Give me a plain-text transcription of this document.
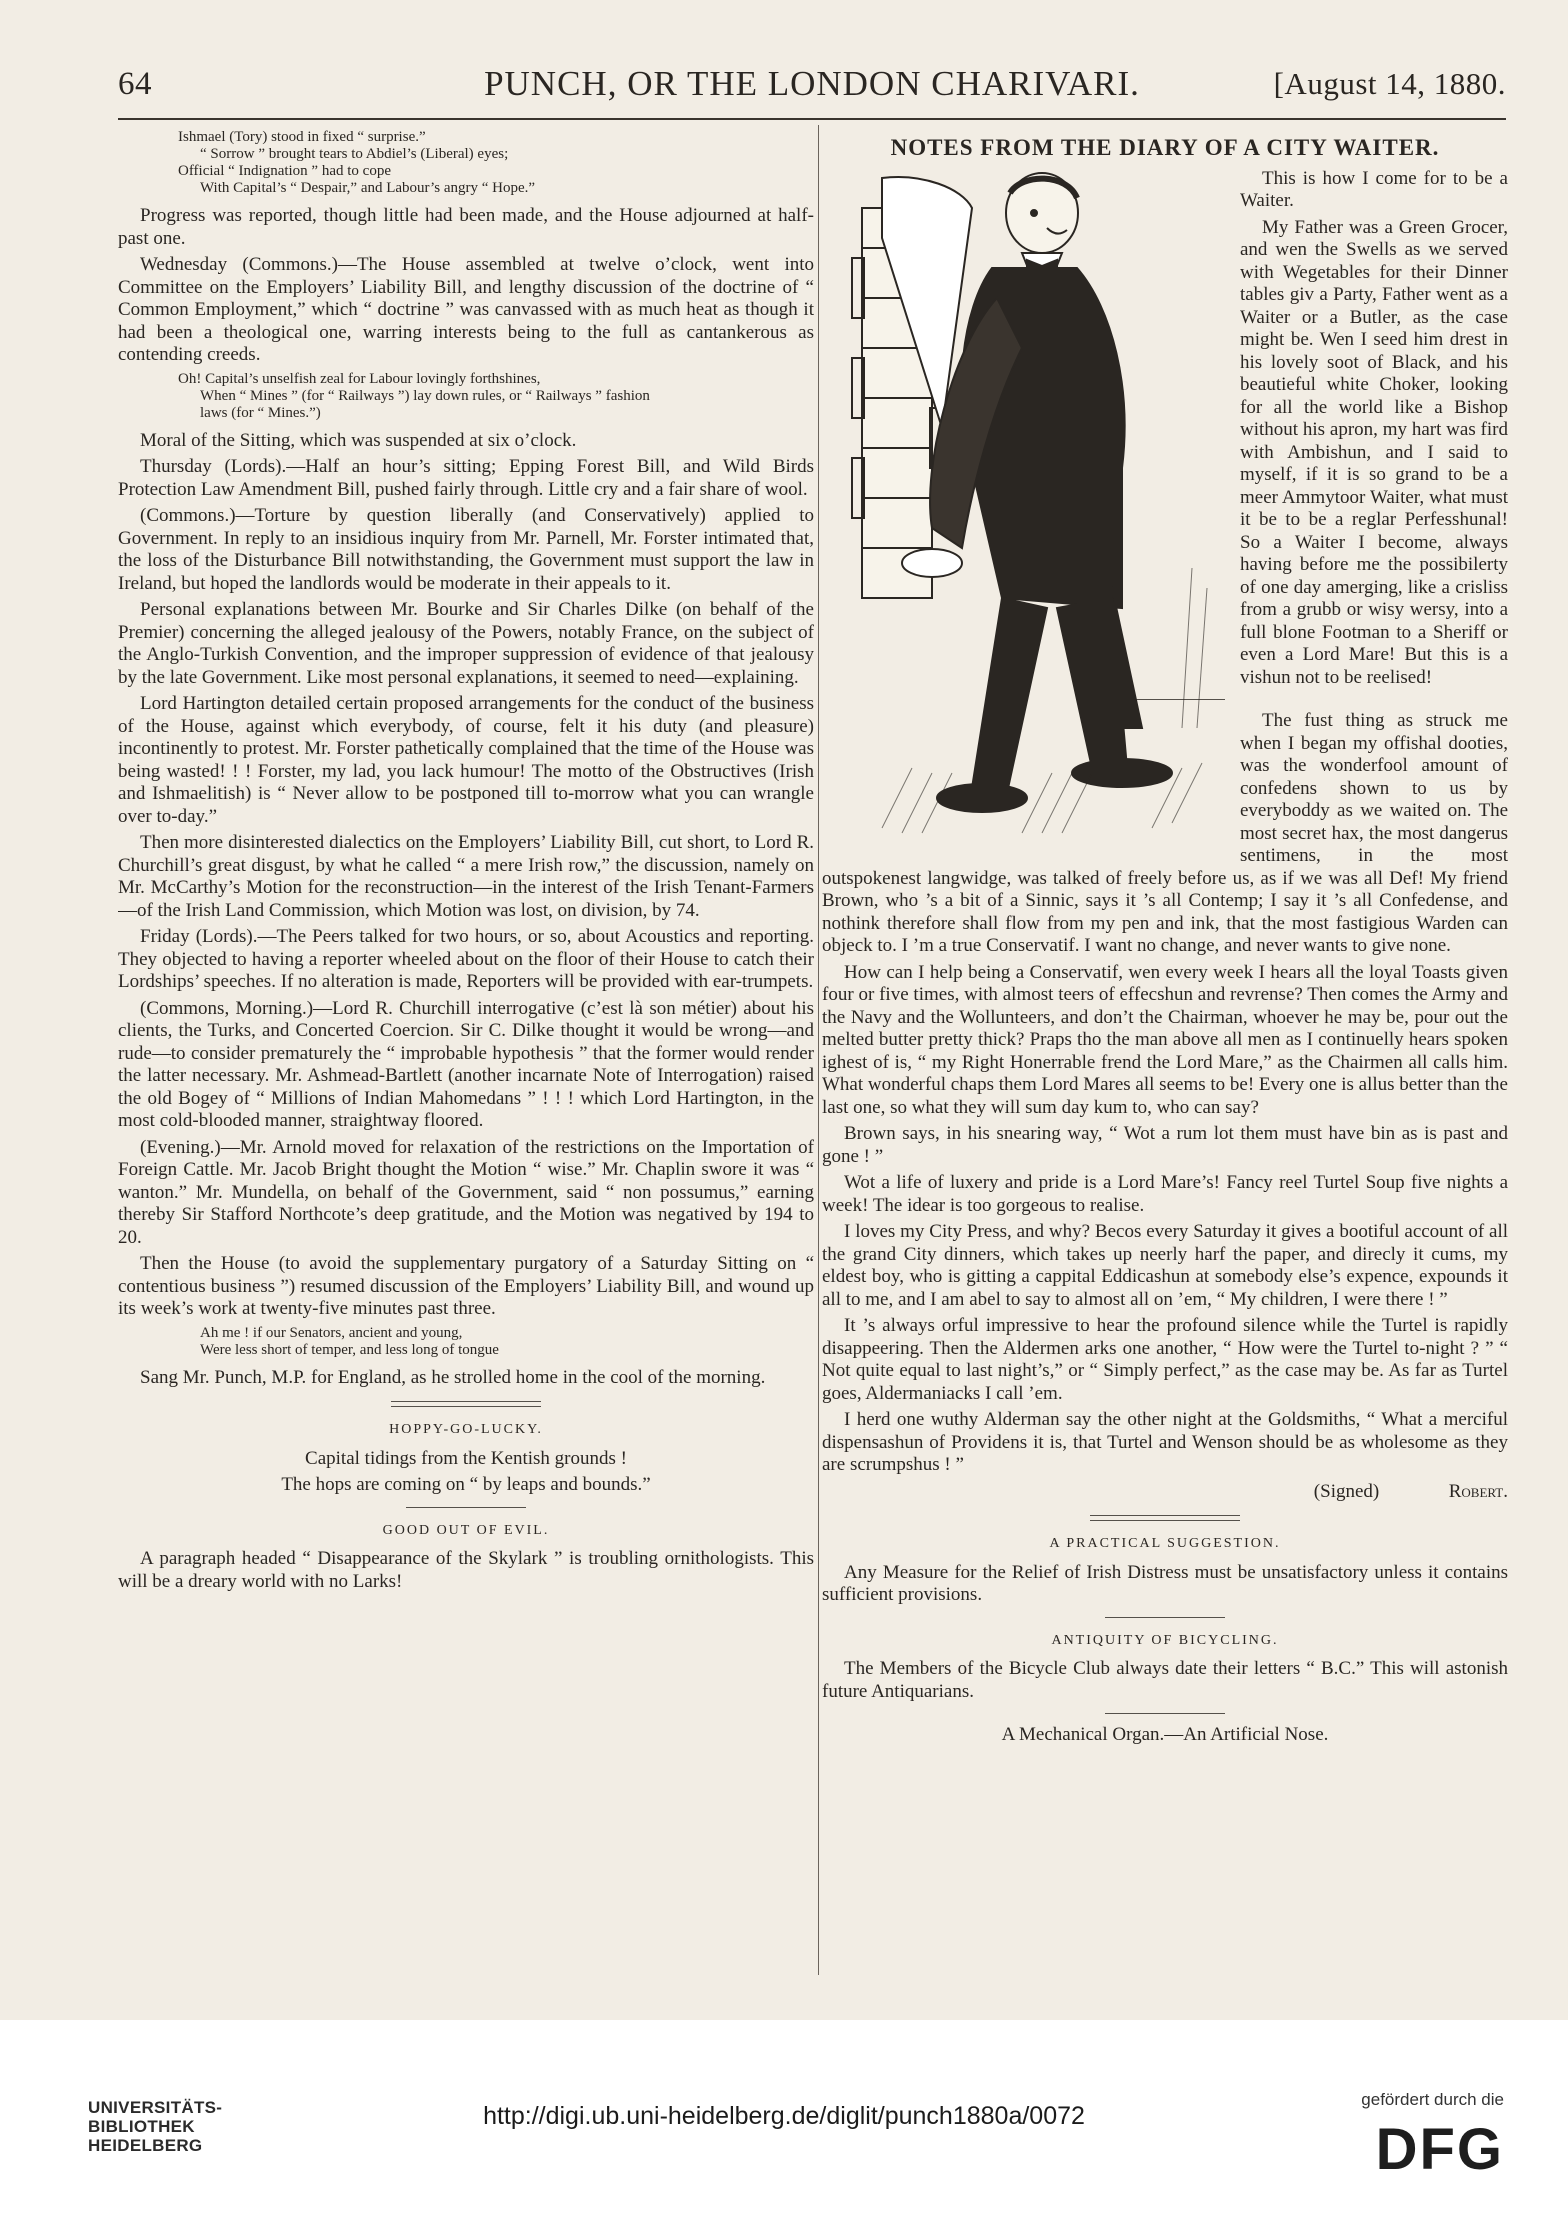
64	PUNCH, OR THE LONDON CHARIVARI.	[August 14, 1880.
Ishmael (Tory) stood in fixed “ surprise.”
“ Sorrow ” brought tears to Abdiel’s (Liberal) eyes;
Official “ Indignation ” had to cope
With Capital’s “ Despair,” and Labour’s angry “ Hope.”

Progress was reported, though little had been made, and the House adjourned at half-past one.

Wednesday (Commons.)—The House assembled at twelve o’clock, went into Committee on the Employers’ Liability Bill, and lengthy discussion of the doctrine of “ Common Employment,” which “ doctrine ” was canvassed with as much heat as though it had been a theological one, warring interests being to the full as cantankerous as contending creeds.

Oh! Capital’s unselfish zeal for Labour lovingly forthshines,
When “ Mines ” (for “ Railways ”) lay down rules, or “ Railways ” fashion
laws (for “ Mines.”)

Moral of the Sitting, which was suspended at six o’clock.

Thursday (Lords).—Half an hour’s sitting; Epping Forest Bill, and Wild Birds Protection Law Amendment Bill, pushed fairly through. Little cry and a fair share of wool.

(Commons.)—Torture by question liberally (and Conservatively) applied to Government. In reply to an insidious inquiry from Mr. Parnell, Mr. Forster intimated that, the loss of the Disturbance Bill notwithstanding, the Government must support the law in Ireland, but hoped the landlords would be moderate in their appeals to it.

Personal explanations between Mr. Bourke and Sir Charles Dilke (on behalf of the Premier) concerning the alleged jealousy of the Powers, notably France, on the subject of the Anglo-Turkish Convention, and the improper suppression of evidence of that jealousy by the late Government. Like most personal explanations, it seemed to need—explaining.

Lord Hartington detailed certain proposed arrangements for the conduct of the business of the House, against which everybody, of course, felt it his duty (and pleasure) incontinently to protest. Mr. Forster pathetically complained that the time of the House was being wasted! ! ! Forster, my lad, you lack humour! The motto of the Obstructives (Irish and Ishmaelitish) is “ Never allow to be postponed till to-morrow what you can wrangle over to-day.”

Then more disinterested dialectics on the Employers’ Liability Bill, cut short, to Lord R. Churchill’s great disgust, by what he called “ a mere Irish row,” the discussion, namely on Mr. McCarthy’s Motion for the reconstruction—in the interest of the Irish Tenant-Farmers—of the Irish Land Commission, which Motion was lost, on division, by 74.

Friday (Lords).—The Peers talked for two hours, or so, about Acoustics and reporting. They objected to having a reporter wheeled about on the floor of their House to catch their Lordships’ speeches. If no alteration is made, Reporters will be provided with ear-trumpets.

(Commons, Morning.)—Lord R. Churchill interrogative (c’est là son métier) about his clients, the Turks, and Concerted Coercion. Sir C. Dilke thought it would be wrong—and rude—to consider prematurely the “ improbable hypothesis ” that the former would render the latter necessary. Mr. Ashmead-Bartlett (another incarnate Note of Interrogation) raised the old Bogey of “ Millions of Indian Mahomedans ” ! ! ! which Lord Hartington, in the most cold-blooded manner, straightway floored.

(Evening.)—Mr. Arnold moved for relaxation of the restrictions on the Importation of Foreign Cattle. Mr. Jacob Bright thought the Motion “ wise.” Mr. Chaplin swore it was “ wanton.” Mr. Mundella, on behalf of the Government, said “ non possumus,” earning thereby Sir Stafford Northcote’s deep gratitude, and the Motion was negatived by 194 to 20.

Then the House (to avoid the supplementary purgatory of a Saturday Sitting on “ contentious business ”) resumed discussion of the Employers’ Liability Bill, and wound up its week’s work at twenty-five minutes past three.

Ah me ! if our Senators, ancient and young,
Were less short of temper, and less long of tongue

Sang Mr. Punch, M.P. for England, as he strolled home in the cool of the morning.

HOPPY-GO-LUCKY.

Capital tidings from the Kentish grounds !

The hops are coming on “ by leaps and bounds.”

GOOD OUT OF EVIL.

A paragraph headed “ Disappearance of the Skylark ” is troubling ornithologists. This will be a dreary world with no Larks!

NOTES FROM THE DIARY OF A CITY WAITER.

This is how I come for to be a Waiter.

My Father was a Green Grocer, and wen the Swells as we served with Wegetables for their Dinner tables giv a Party, Father went as a Waiter or a Butler, as the case might be. Wen I seed him drest in his lovely soot of Black, and his beautieful white Choker, looking for all the world like a Bishop without his apron, my hart was fird with Ambishun, and I said to myself, if it is so grand to be a meer Ammytoor Waiter, what must it be to be a reglar Perfesshunal! So a Waiter I become, always having before me the possibilerty of one day amerging, like a crisliss from a grubb or wisy wersy, into a full blone Footman to a Sheriff or even a Lord Mare! But this is a vishun not to be reelised!

The fust thing as struck me when I began my offishal dooties, was the wonderfool amount of confedens shown to us by everyboddy as we waited on. The most secret hax, the most dangerus sentimens, in the most outspokenest langwidge, was talked of freely before us, as if we was all Def! My friend Brown, who ’s a bit of a Sinnic, says it ’s all Contemp; I say it ’s all Confedense, and nothink therefore shall flow from my pen and ink, that the most fastigious Warden can objeck to. I ’m a true Conservatif. I want no change, and never wants to give none.

How can I help being a Conservatif, wen every week I hears all the loyal Toasts given four or five times, with almost teers of effecshun and revrense? Then comes the Army and the Navy and the Wollunteers, and don’t the Chairman, whoever he may be, pour out the melted butter pretty thick? Praps tho the man above all men as I continuelly hears spoken ighest of is, “ my Right Honerrable frend the Lord Mare,” as the Chairmen all calls him. What wonderful chaps them Lord Mares all seems to be! Every one is allus better than the last one, so what they will sum day kum to, who can say?

Brown says, in his snearing way, “ Wot a rum lot them must have bin as is past and gone ! ”

Wot a life of luxery and pride is a Lord Mare’s! Fancy reel Turtel Soup five nights a week! The idear is too gorgeous to realise.

I loves my City Press, and why? Becos every Saturday it gives a bootiful account of all the grand City dinners, which takes up neerly harf the paper, and direcly it cums, my eldest boy, who is gitting a cappital Eddicashun at somebody else’s expence, expounds it all to me, and I am abel to say to almost all on ’em, “ My children, I were there ! ”

It ’s always orful impressive to hear the profound silence while the Turtel is rapidly disappeering. Then the Aldermen arks one another, “ How were the Turtel to-night ? ” “ Not quite equal to last night’s,” or “ Simply perfect,” as the case may be. As far as Turtel goes, Aldermaniacks I call ’em.

I herd one wuthy Alderman say the other night at the Goldsmiths, “ What a merciful dispensashun of Providens it is, that Turtel and Wenson should be as wholesome as they are scrumpshus ! ”

(Signed)	Robert.

A PRACTICAL SUGGESTION.

Any Measure for the Relief of Irish Distress must be unsatisfactory unless it contains sufficient provisions.

ANTIQUITY OF BICYCLING.

The Members of the Bicycle Club always date their letters “ B.C.” This will astonish future Antiquarians.

A Mechanical Organ.—An Artificial Nose.

UNIVERSITÄTS-
BIBLIOTHEK
HEIDELBERG
http://digi.ub.uni-heidelberg.de/diglit/punch1880a/0072
gefördert durch die
DFG
